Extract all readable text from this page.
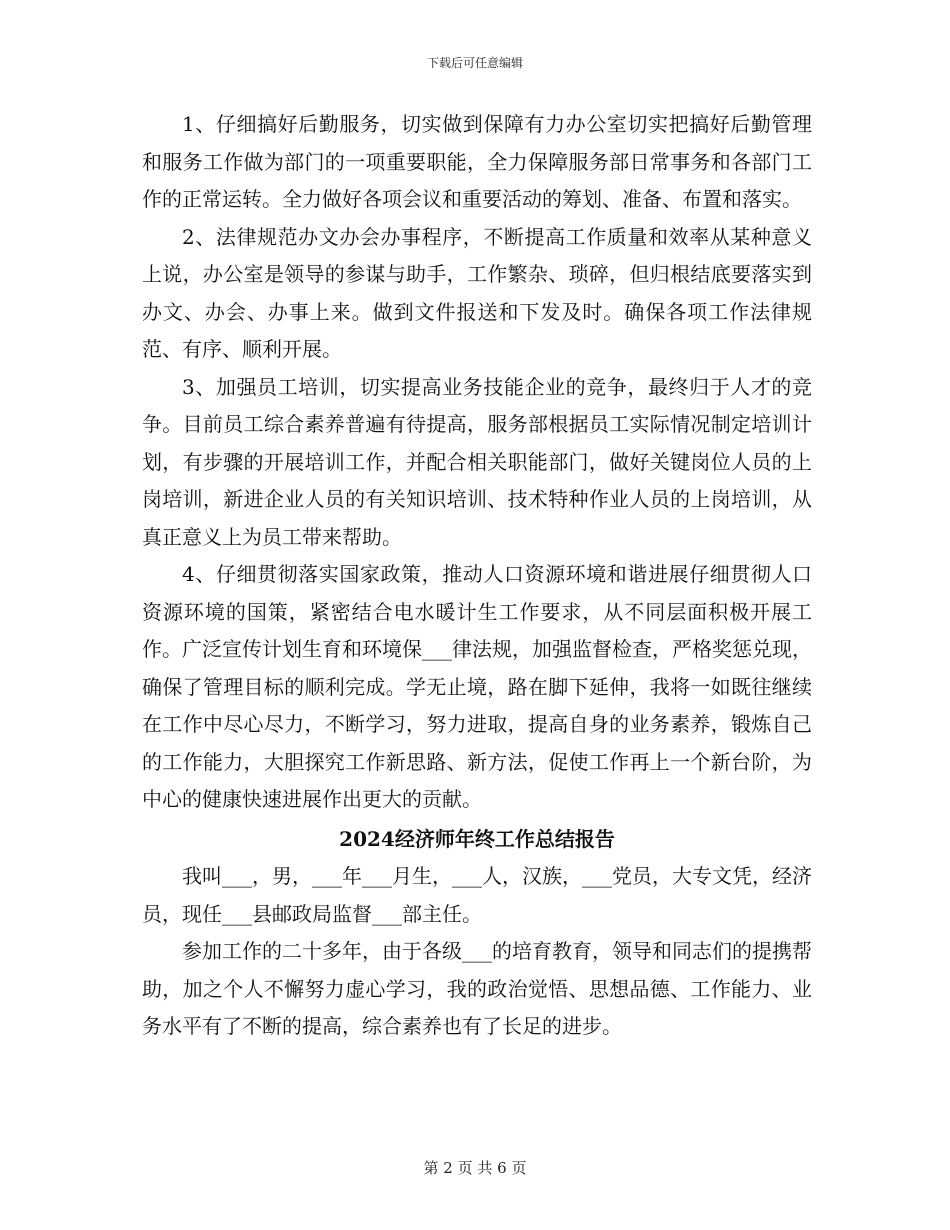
下载后可任意编辑

1、仔细搞好后勤服务，切实做到保障有力办公室切实把搞好后勤管理和服务工作做为部门的一项重要职能，全力保障服务部日常事务和各部门工作的正常运转。全力做好各项会议和重要活动的筹划、准备、布置和落实。

2、法律规范办文办会办事程序，不断提高工作质量和效率从某种意义上说，办公室是领导的参谋与助手，工作繁杂、琐碎，但归根结底要落实到办文、办会、办事上来。做到文件报送和下发及时。确保各项工作法律规范、有序、顺利开展。

3、加强员工培训，切实提高业务技能企业的竞争，最终归于人才的竞争。目前员工综合素养普遍有待提高，服务部根据员工实际情况制定培训计划，有步骤的开展培训工作，并配合相关职能部门，做好关键岗位人员的上岗培训，新进企业人员的有关知识培训、技术特种作业人员的上岗培训，从真正意义上为员工带来帮助。

4、仔细贯彻落实国家政策，推动人口资源环境和谐进展仔细贯彻人口资源环境的国策，紧密结合电水暖计生工作要求，从不同层面积极开展工作。广泛宣传计划生育和环境保___律法规，加强监督检查，严格奖惩兑现，确保了管理目标的顺利完成。学无止境，路在脚下延伸，我将一如既往继续在工作中尽心尽力，不断学习，努力进取，提高自身的业务素养，锻炼自己的工作能力，大胆探究工作新思路、新方法，促使工作再上一个新台阶，为中心的健康快速进展作出更大的贡献。

2024经济师年终工作总结报告

我叫___，男，___年___月生，___人，汉族，___党员，大专文凭，经济员，现任___县邮政局监督___部主任。

参加工作的二十多年，由于各级___的培育教育，领导和同志们的提携帮助，加之个人不懈努力虚心学习，我的政治觉悟、思想品德、工作能力、业务水平有了不断的提高，综合素养也有了长足的进步。

第 2 页 共 6 页
